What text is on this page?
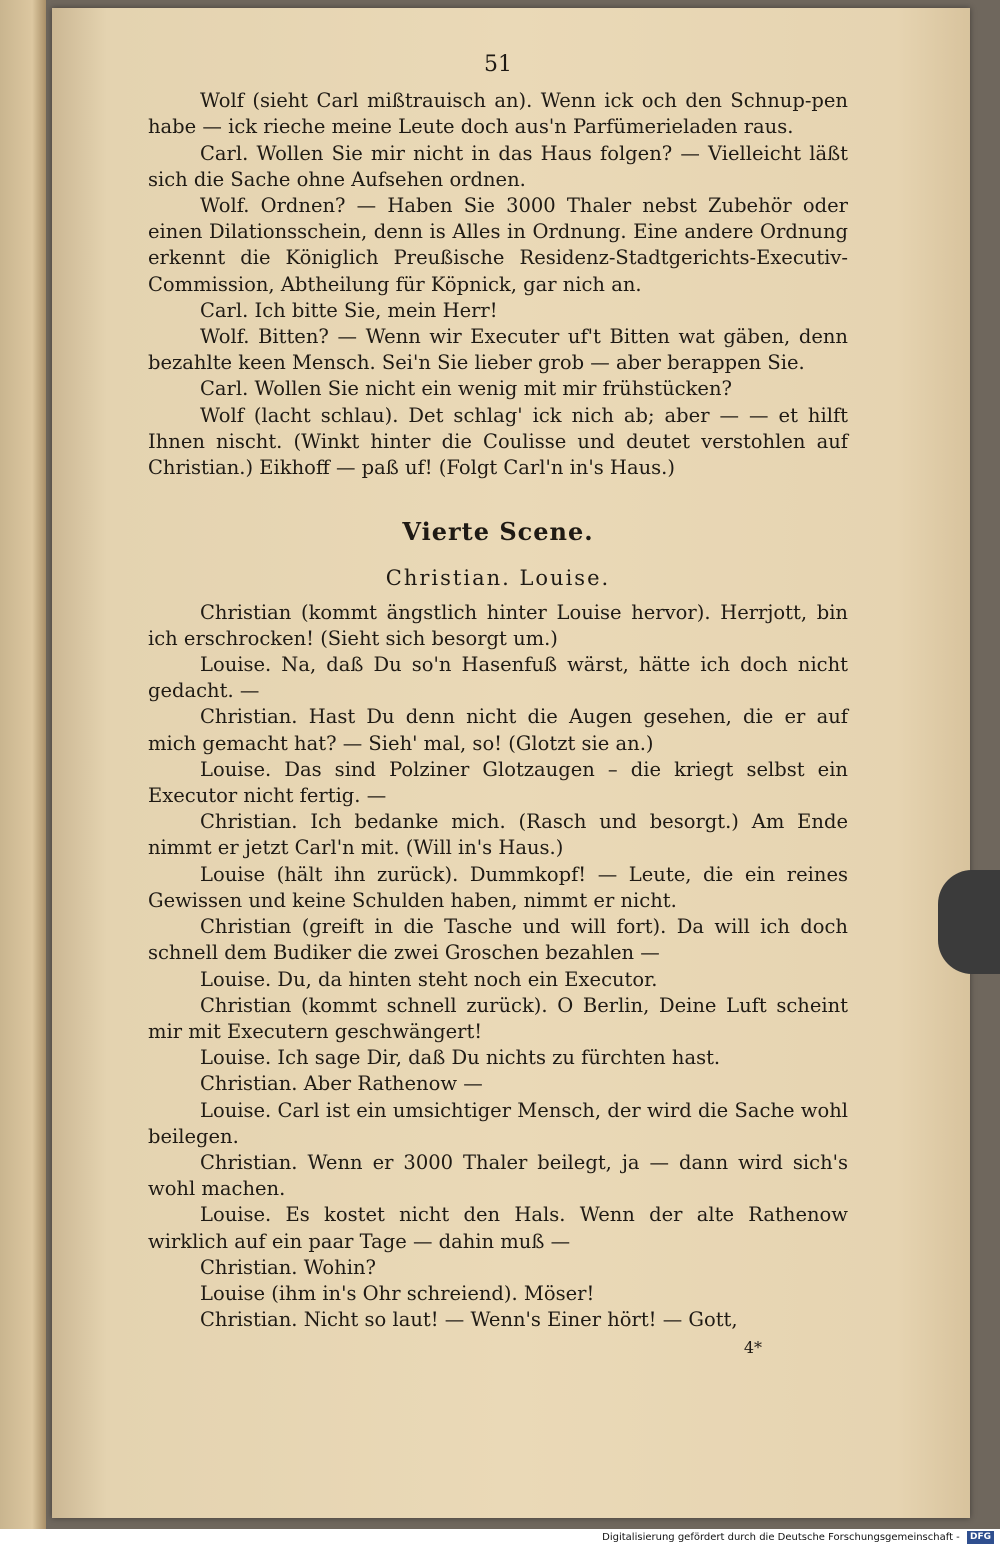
51

Wolf (sieht Carl mißtrauisch an). Wenn ick och den Schnup-pen habe — ick rieche meine Leute doch aus'n Parfümerieladen raus.

Carl. Wollen Sie mir nicht in das Haus folgen? — Vielleicht läßt sich die Sache ohne Aufsehen ordnen.

Wolf. Ordnen? — Haben Sie 3000 Thaler nebst Zubehör oder einen Dilationsschein, denn is Alles in Ordnung. Eine andere Ordnung erkennt die Königlich Preußische Residenz-Stadtgerichts-Executiv-Commission, Abtheilung für Köpnick, gar nich an.

Carl. Ich bitte Sie, mein Herr!

Wolf. Bitten? — Wenn wir Executer uf't Bitten wat gäben, denn bezahlte keen Mensch. Sei'n Sie lieber grob — aber berappen Sie.

Carl. Wollen Sie nicht ein wenig mit mir frühstücken?

Wolf (lacht schlau). Det schlag' ick nich ab; aber — — et hilft Ihnen nischt. (Winkt hinter die Coulisse und deutet verstohlen auf Christian.) Eikhoff — paß uf! (Folgt Carl'n in's Haus.)

Vierte Scene.
Christian. Louise.

Christian (kommt ängstlich hinter Louise hervor). Herrjott, bin ich erschrocken! (Sieht sich besorgt um.)

Louise. Na, daß Du so'n Hasenfuß wärst, hätte ich doch nicht gedacht. —

Christian. Hast Du denn nicht die Augen gesehen, die er auf mich gemacht hat? — Sieh' mal, so! (Glotzt sie an.)

Louise. Das sind Polziner Glotzaugen – die kriegt selbst ein Executor nicht fertig. —

Christian. Ich bedanke mich. (Rasch und besorgt.) Am Ende nimmt er jetzt Carl'n mit. (Will in's Haus.)

Louise (hält ihn zurück). Dummkopf! — Leute, die ein reines Gewissen und keine Schulden haben, nimmt er nicht.

Christian (greift in die Tasche und will fort). Da will ich doch schnell dem Budiker die zwei Groschen bezahlen —

Louise. Du, da hinten steht noch ein Executor.

Christian (kommt schnell zurück). O Berlin, Deine Luft scheint mir mit Executern geschwängert!

Louise. Ich sage Dir, daß Du nichts zu fürchten hast.

Christian. Aber Rathenow —

Louise. Carl ist ein umsichtiger Mensch, der wird die Sache wohl beilegen.

Christian. Wenn er 3000 Thaler beilegt, ja — dann wird sich's wohl machen.

Louise. Es kostet nicht den Hals. Wenn der alte Rathenow wirklich auf ein paar Tage — dahin muß —

Christian. Wohin?

Louise (ihm in's Ohr schreiend). Möser!

Christian. Nicht so laut! — Wenn's Einer hört! — Gott,

4*
Digitalisierung gefördert durch die Deutsche Forschungsgemeinschaft - DFG
